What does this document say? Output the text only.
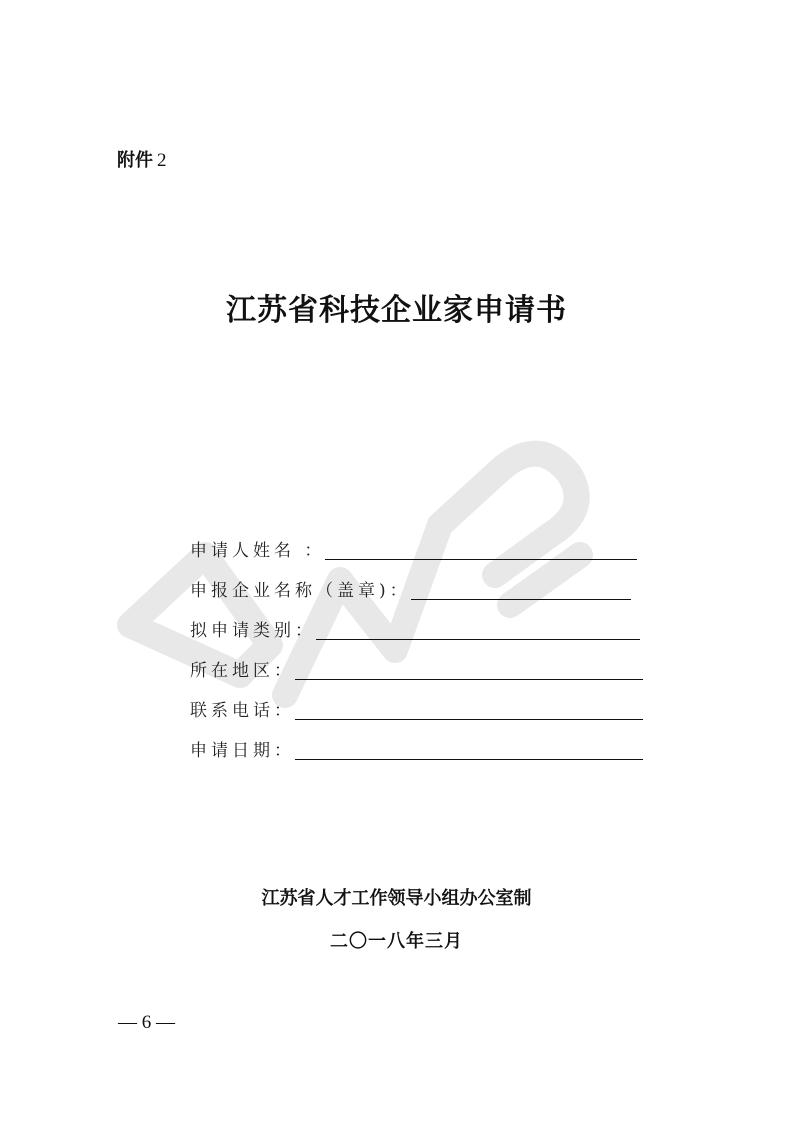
附件 2
江苏省科技企业家申请书
申请人姓名 ：
申报企业名称（盖章)：
拟申请类别：
所在地区：
联系电话：
申请日期：
江苏省人才工作领导小组办公室制
二〇一八年三月
— 6 —
